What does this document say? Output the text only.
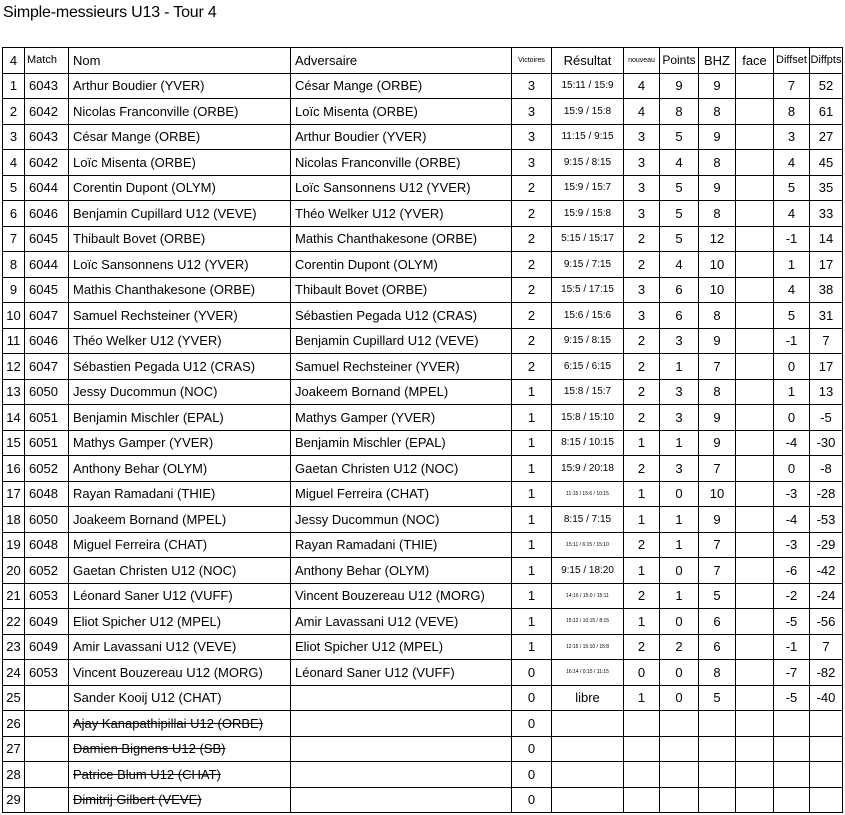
Simple-messieurs U13 - Tour 4
4	Match	Nom	Adversaire	Victoires	Résultat	nouveau	Points	BHZ	face	Diffset	Diffpts
1	6043	Arthur Boudier (YVER)	César Mange (ORBE)	3	15:11 / 15:9	4	9	9		7	52
2	6042	Nicolas Franconville (ORBE)	Loïc Misenta (ORBE)	3	15:9 / 15:8	4	8	8		8	61
3	6043	César Mange (ORBE)	Arthur Boudier (YVER)	3	11:15 / 9:15	3	5	9		3	27
4	6042	Loïc Misenta (ORBE)	Nicolas Franconville (ORBE)	3	9:15 / 8:15	3	4	8		4	45
5	6044	Corentin Dupont (OLYM)	Loïc Sansonnens U12 (YVER)	2	15:9 / 15:7	3	5	9		5	35
6	6046	Benjamin Cupillard U12 (VEVE)	Théo Welker U12 (YVER)	2	15:9 / 15:8	3	5	8		4	33
7	6045	Thibault Bovet (ORBE)	Mathis Chanthakesone (ORBE)	2	5:15 / 15:17	2	5	12		-1	14
8	6044	Loïc Sansonnens U12 (YVER)	Corentin Dupont (OLYM)	2	9:15 / 7:15	2	4	10		1	17
9	6045	Mathis Chanthakesone (ORBE)	Thibault Bovet (ORBE)	2	15:5 / 17:15	3	6	10		4	38
10	6047	Samuel Rechsteiner (YVER)	Sébastien Pegada U12 (CRAS)	2	15:6 / 15:6	3	6	8		5	31
11	6046	Théo Welker U12 (YVER)	Benjamin Cupillard U12 (VEVE)	2	9:15 / 8:15	2	3	9		-1	7
12	6047	Sébastien Pegada U12 (CRAS)	Samuel Rechsteiner (YVER)	2	6:15 / 6:15	2	1	7		0	17
13	6050	Jessy Ducommun (NOC)	Joakeem Bornand (MPEL)	1	15:8 / 15:7	2	3	8		1	13
14	6051	Benjamin Mischler (EPAL)	Mathys Gamper (YVER)	1	15:8 / 15:10	2	3	9		0	-5
15	6051	Mathys Gamper (YVER)	Benjamin Mischler (EPAL)	1	8:15 / 10:15	1	1	9		-4	-30
16	6052	Anthony Behar (OLYM)	Gaetan Christen U12 (NOC)	1	15:9 / 20:18	2	3	7		0	-8
17	6048	Rayan Ramadani (THIE)	Miguel Ferreira (CHAT)	1	11:15 / 15:6 / 10:15	1	0	10		-3	-28
18	6050	Joakeem Bornand (MPEL)	Jessy Ducommun (NOC)	1	8:15 / 7:15	1	1	9		-4	-53
19	6048	Miguel Ferreira (CHAT)	Rayan Ramadani (THIE)	1	15:11 / 6:15 / 15:10	2	1	7		-3	-29
20	6052	Gaetan Christen U12 (NOC)	Anthony Behar (OLYM)	1	9:15 / 18:20	1	0	7		-6	-42
21	6053	Léonard Saner U12 (VUFF)	Vincent Bouzereau U12 (MORG)	1	14:16 / 15:0 / 15:11	2	1	5		-2	-24
22	6049	Eliot Spicher U12 (MPEL)	Amir Lavassani U12 (VEVE)	1	15:12 / 10:15 / 8:15	1	0	6		-5	-56
23	6049	Amir Lavassani U12 (VEVE)	Eliot Spicher U12 (MPEL)	1	12:15 / 15:10 / 15:8	2	2	6		-1	7
24	6053	Vincent Bouzereau U12 (MORG)	Léonard Saner U12 (VUFF)	0	16:14 / 0:15 / 11:15	0	0	8		-7	-82
25		Sander Kooij U12 (CHAT)		0	libre	1	0	5		-5	-40
26		Ajay Kanapathipillai U12 (ORBE)		0							
27		Damien Bignens U12 (SB)		0							
28		Patrice Blum U12 (CHAT)		0							
29		Dimitrij Gilbert (VEVE)		0							
